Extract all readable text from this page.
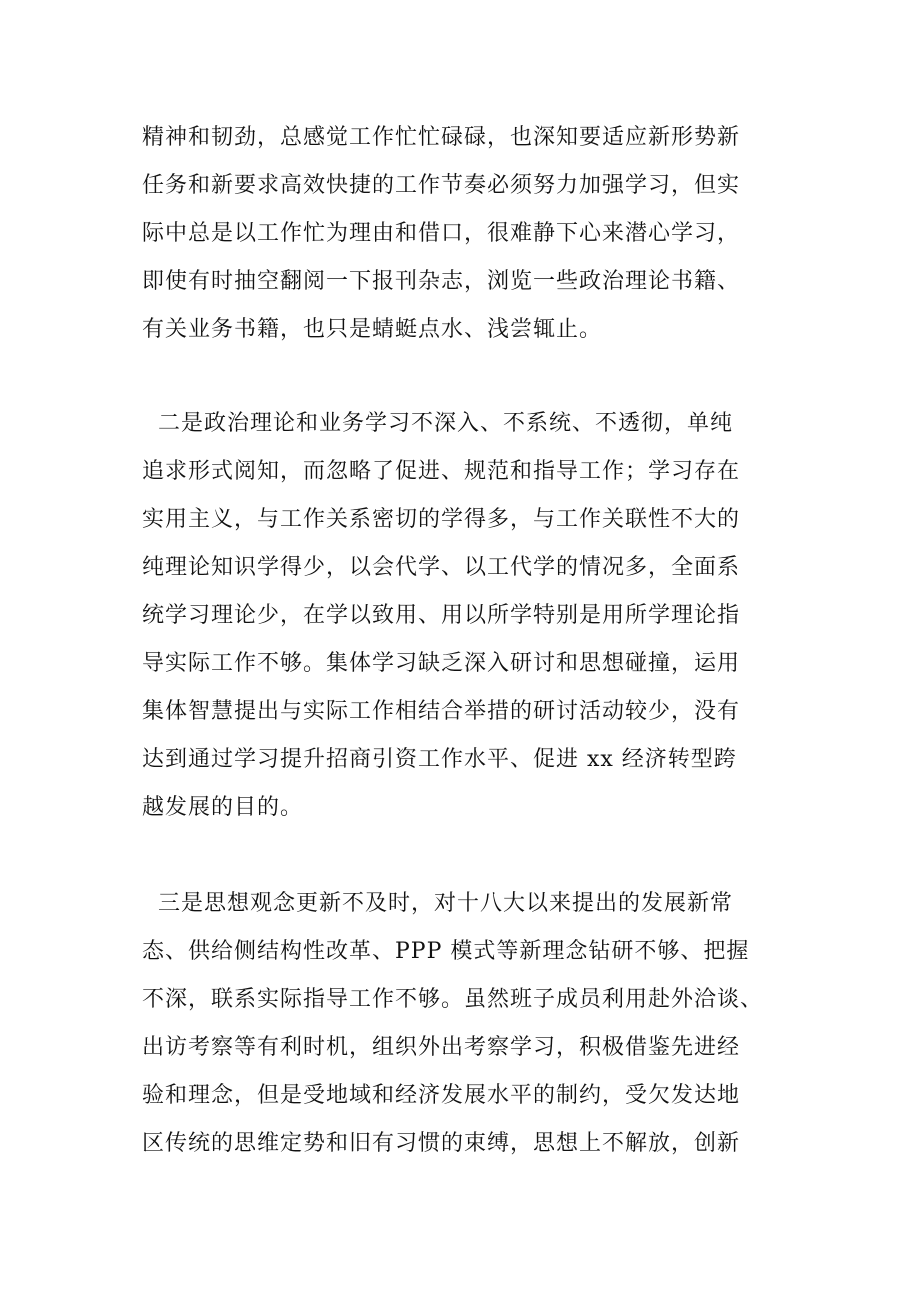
精神和韧劲，总感觉工作忙忙碌碌，也深知要适应新形势新
任务和新要求高效快捷的工作节奏必须努力加强学习，但实
际中总是以工作忙为理由和借口，很难静下心来潜心学习，
即使有时抽空翻阅一下报刊杂志，浏览一些政治理论书籍、
有关业务书籍，也只是蜻蜓点水、浅尝辄止。
二是政治理论和业务学习不深入、不系统、不透彻，单纯
追求形式阅知，而忽略了促进、规范和指导工作；学习存在
实用主义，与工作关系密切的学得多，与工作关联性不大的
纯理论知识学得少，以会代学、以工代学的情况多，全面系
统学习理论少，在学以致用、用以所学特别是用所学理论指
导实际工作不够。集体学习缺乏深入研讨和思想碰撞，运用
集体智慧提出与实际工作相结合举措的研讨活动较少，没有
达到通过学习提升招商引资工作水平、促进 xx 经济转型跨
越发展的目的。
三是思想观念更新不及时，对十八大以来提出的发展新常
态、供给侧结构性改革、PPP 模式等新理念钻研不够、把握
不深，联系实际指导工作不够。虽然班子成员利用赴外洽谈、
出访考察等有利时机，组织外出考察学习，积极借鉴先进经
验和理念，但是受地域和经济发展水平的制约，受欠发达地
区传统的思维定势和旧有习惯的束缚，思想上不解放，创新
